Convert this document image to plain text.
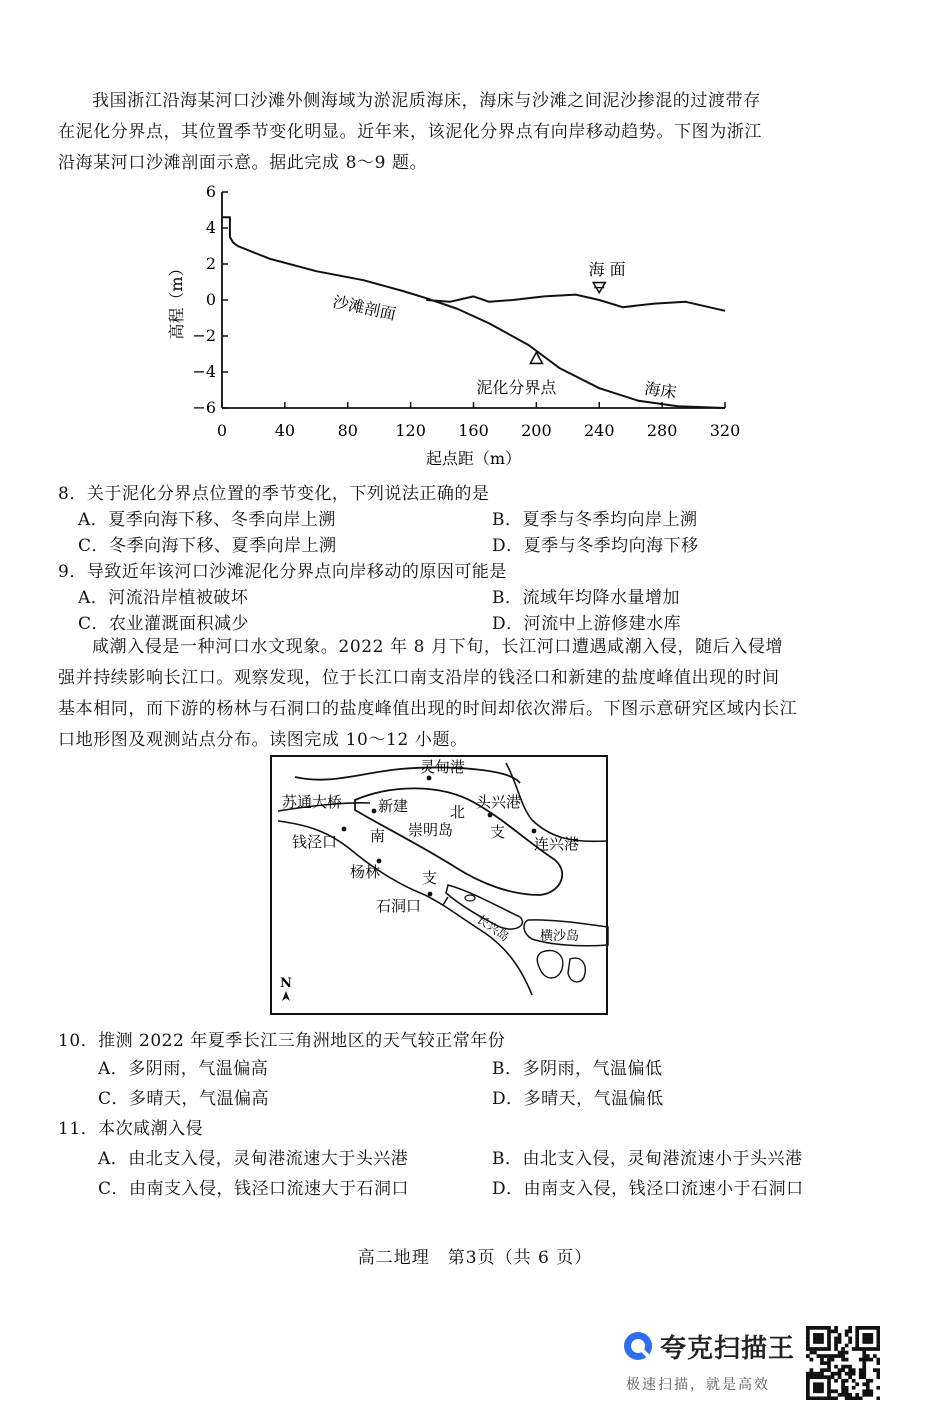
我国浙江沿海某河口沙滩外侧海域为淤泥质海床，海床与沙滩之间泥沙掺混的过渡带存
在泥化分界点，其位置季节变化明显。近年来，该泥化分界点有向岸移动趋势。下图为浙江
沿海某河口沙滩剖面示意。据此完成 8～9 题。
6
4
2
0
−2
−4
−6
0	40	80 120 160 200 240 280 320
起点距（m）
高程（m）	海 面
沙滩剖面
泥化分界点	海床
8．关于泥化分界点位置的季节变化，下列说法正确的是
A．夏季向海下移、冬季向岸上溯	B．夏季与冬季均向岸上溯
C．冬季向海下移、夏季向岸上溯	D．夏季与冬季均向海下移
9．导致近年该河口沙滩泥化分界点向岸移动的原因可能是
A．河流沿岸植被破坏	B．流域年均降水量增加
C．农业灌溉面积减少	D．河流中上游修建水库
咸潮入侵是一种河口水文现象。2022 年 8 月下旬，长江河口遭遇咸潮入侵，随后入侵增
强并持续影响长江口。观察发现，位于长江口南支沿岸的钱泾口和新建的盐度峰值出现的时间
基本相同，而下游的杨林与石洞口的盐度峰值出现的时间却依次滞后。下图示意研究区域内长江
口地形图及观测站点分布。读图完成 10～12 小题。
灵甸港
苏通大桥 新建	北
头兴港
钱泾口 南 崇明岛 支
连兴港
杨林	支
石洞口
长兴岛 横沙岛
N
10．推测 2022 年夏季长江三角洲地区的天气较正常年份
A．多阴雨，气温偏高	B．多阴雨，气温偏低
C．多晴天，气温偏高	D．多晴天，气温偏低
11．本次咸潮入侵
A．由北支入侵，灵甸港流速大于头兴港	B．由北支入侵，灵甸港流速小于头兴港
C．由南支入侵，钱泾口流速大于石洞口	D．由南支入侵，钱泾口流速小于石洞口
高二地理　第3页（共 6 页）
夸克扫描王
极速扫描，就是高效
